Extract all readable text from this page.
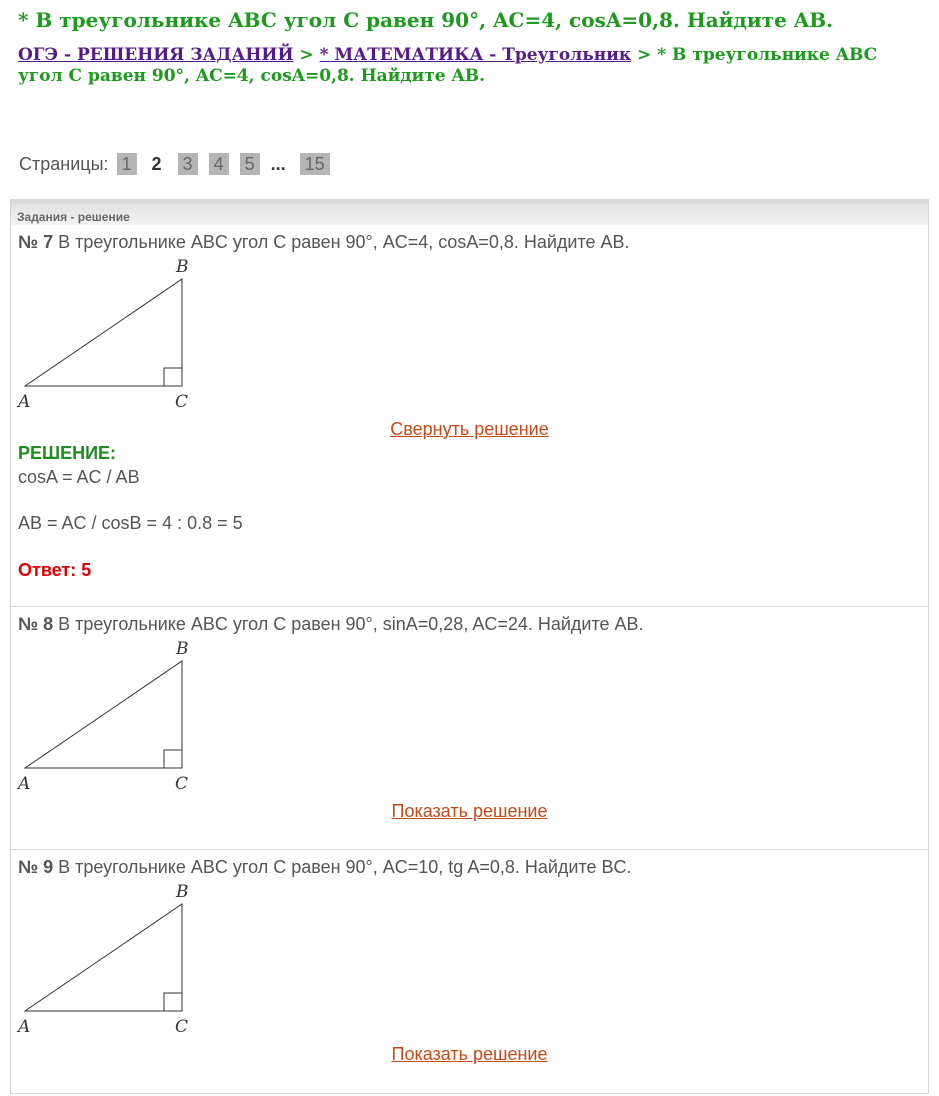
* В треугольнике ABC угол C равен 90°, AC=4, cosA=0,8. Найдите AB.
ОГЭ - РЕШЕНИЯ ЗАДАНИЙ > * МАТЕМАТИКА - Треугольник > * В треугольнике ABC угол C равен 90°, AC=4, cosA=0,8. Найдите AB.
Страницы: 1 2 3 4 5 ... 15
Задания - решение
№ 7 В треугольнике ABC угол C равен 90°, AC=4, cosA=0,8. Найдите AB.
A	C
B
Свернуть решение
РЕШЕНИЕ:
cosA = AC / AB
AB = AC / cosB = 4 : 0.8 = 5
Ответ: 5
№ 8 В треугольнике ABC угол C равен 90°, sinA=0,28, AC=24. Найдите AB.
A	C
B
Показать решение
№ 9 В треугольнике ABC угол C равен 90°, AC=10, tg A=0,8. Найдите BC.
A	C
B
Показать решение
